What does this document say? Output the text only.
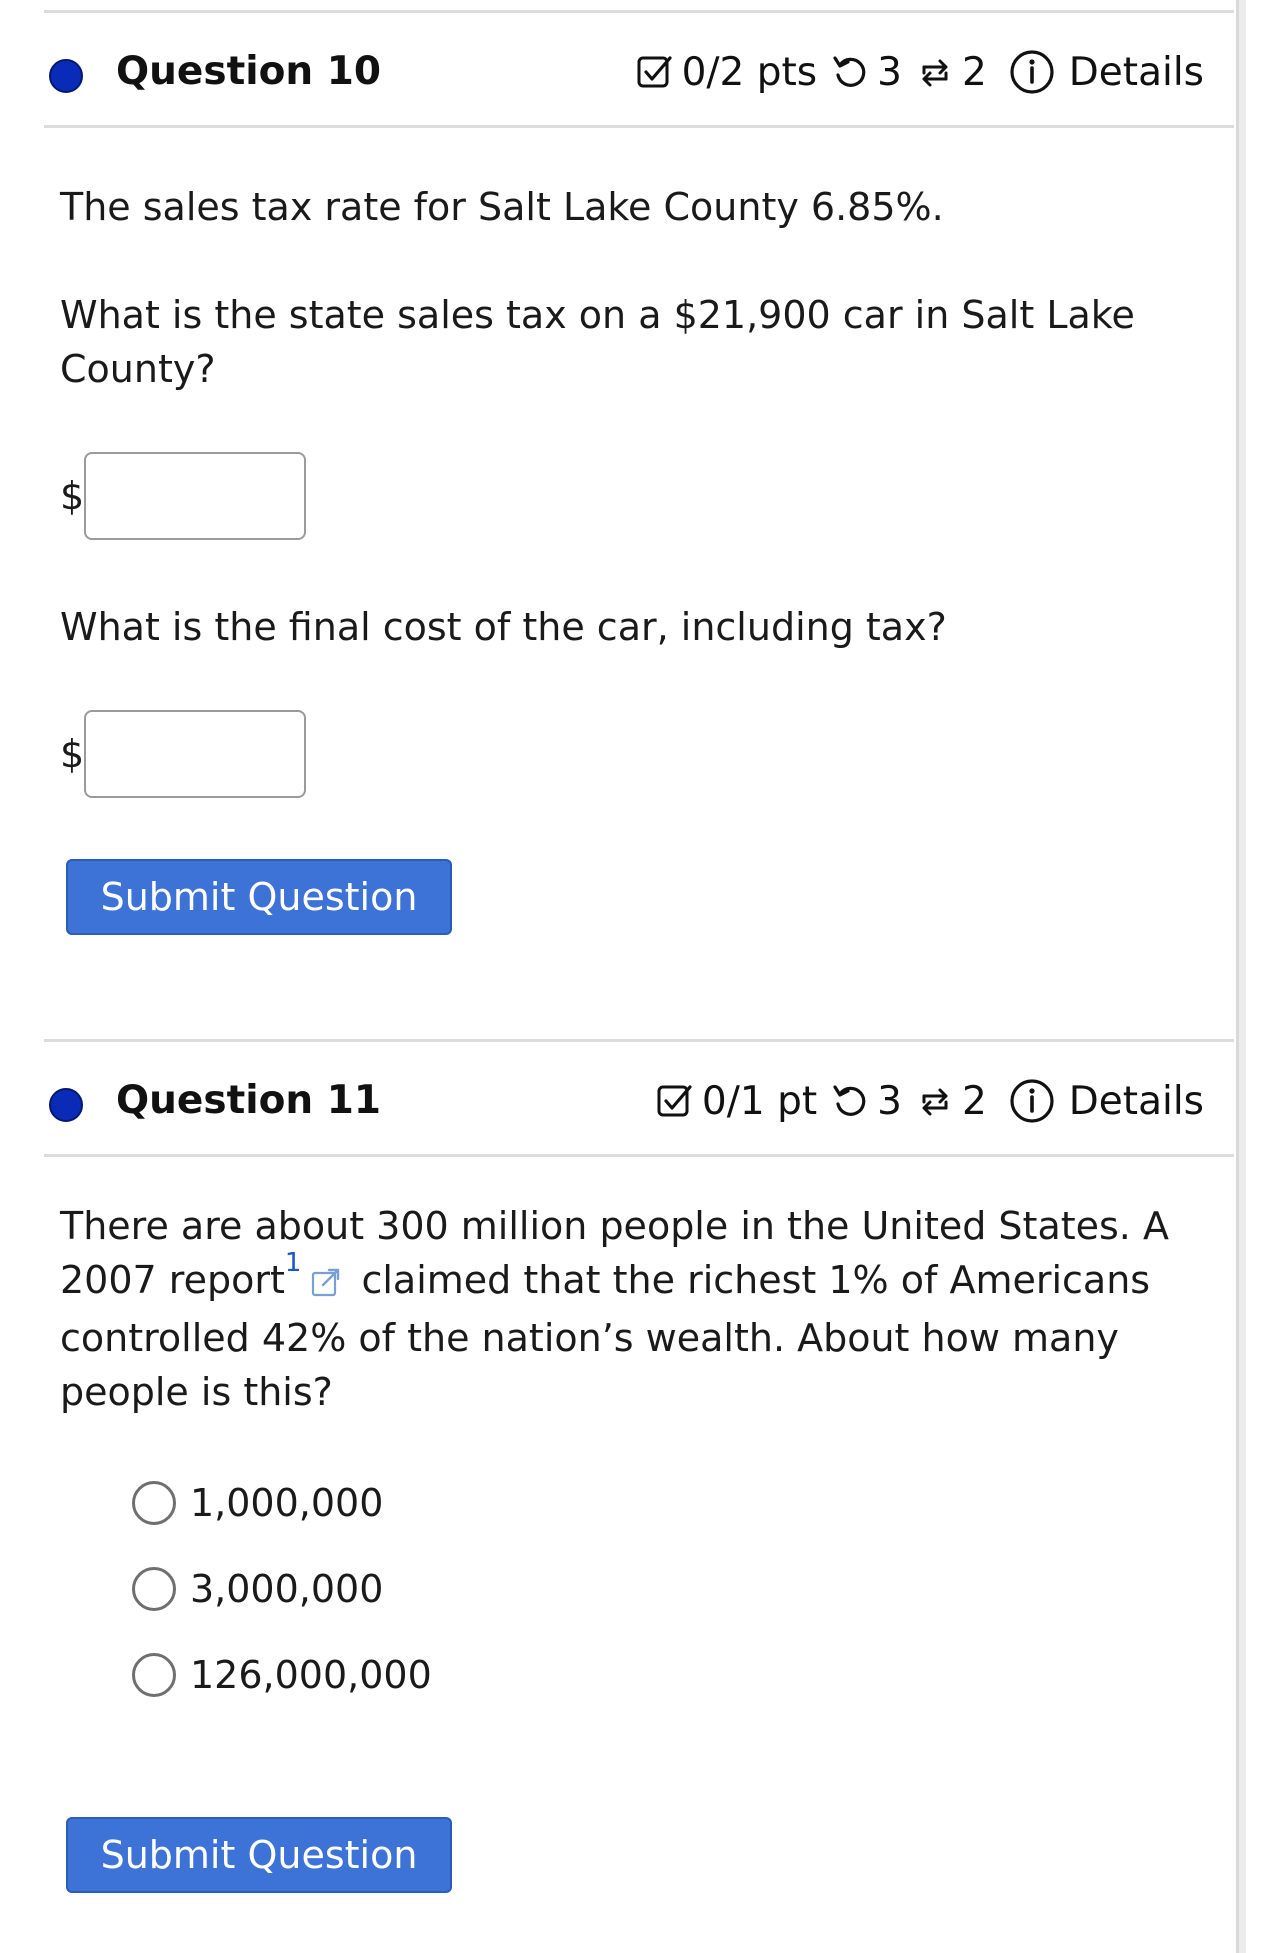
Question 10	0/2 pts 3 2 Details

The sales tax rate for Salt Lake County 6.85%.

What is the state sales tax on a $21,900 car in Salt Lake County?

$

What is the final cost of the car, including tax?

$
Submit Question
Question 11	0/1 pt 3 2 Details

There are about 300 million people in the United States. A 2007 report$^1$ claimed that the richest 1% of Americans controlled 42% of the nation’s wealth. About how many people is this?

1,000,000
3,000,000
126,000,000
Submit Question
